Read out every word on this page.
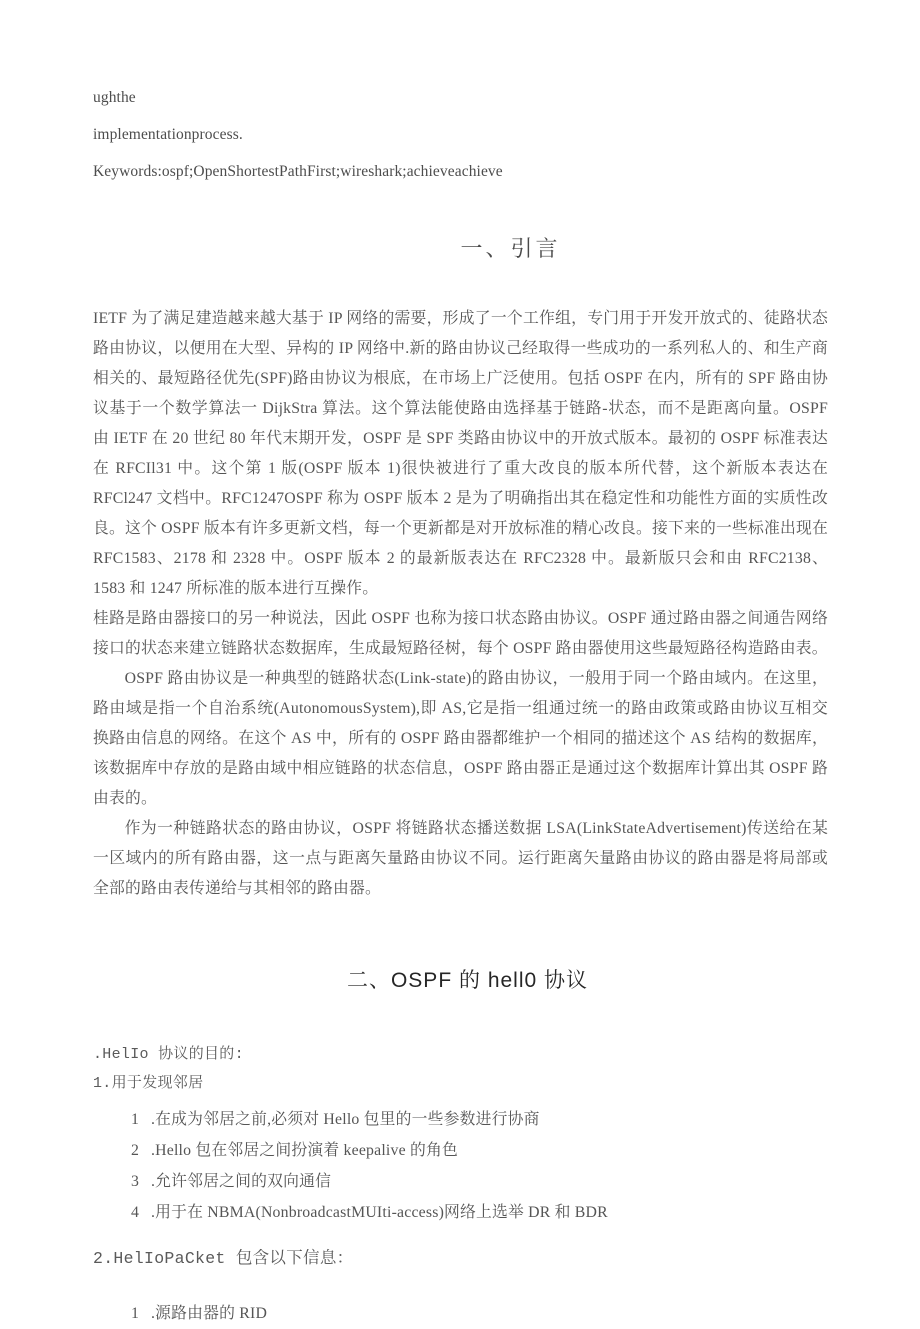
ughthe

implementationprocess.

Keywords:ospf;OpenShortestPathFirst;wireshark;achieveachieve

一、引言

IETF 为了满足建造越来越大基于 IP 网络的需要，形成了一个工作组，专门用于开发开放式的、徒路状态路由协议，以便用在大型、异构的 IP 网络中.新的路由协议己经取得一些成功的一系列私人的、和生产商相关的、最短路径优先(SPF)路由协议为根底，在市场上广泛使用。包括 OSPF 在内，所有的 SPF 路由协议基于一个数学算法一 DijkStra 算法。这个算法能使路由选择基于链路-状态，而不是距离向量。OSPF 由 IETF 在 20 世纪 80 年代末期开发，OSPF 是 SPF 类路由协议中的开放式版本。最初的 OSPF 标准表达在 RFCIl31 中。这个第 1 版(OSPF 版本 1)很快被进行了重大改良的版本所代替，这个新版本表达在 RFCl247 文档中。RFC1247OSPF 称为 OSPF 版本 2 是为了明确指出其在稳定性和功能性方面的实质性改良。这个 OSPF 版本有许多更新文档，每一个更新都是对开放标准的精心改良。接下来的一些标准出现在 RFC1583、2178 和 2328 中。OSPF 版本 2 的最新版表达在 RFC2328 中。最新版只会和由 RFC2138、1583 和 1247 所标准的版本进行互操作。

桂路是路由器接口的另一种说法，因此 OSPF 也称为接口状态路由协议。OSPF 通过路由器之间通告网络接口的状态来建立链路状态数据库，生成最短路径树，每个 OSPF 路由器使用这些最短路径构造路由表。

OSPF 路由协议是一种典型的链路状态(Link-state)的路由协议，一般用于同一个路由域内。在这里，路由域是指一个自治系统(AutonomousSystem),即 AS,它是指一组通过统一的路由政策或路由协议互相交换路由信息的网络。在这个 AS 中，所有的 OSPF 路由器都维护一个相同的描述这个 AS 结构的数据库，该数据库中存放的是路由域中相应链路的状态信息，OSPF 路由器正是通过这个数据库计算出其 OSPF 路由表的。

作为一种链路状态的路由协议，OSPF 将链路状态播送数据 LSA(LinkStateAdvertisement)传送给在某一区域内的所有路由器，这一点与距离矢量路由协议不同。运行距离矢量路由协议的路由器是将局部或全部的路由表传递给与其相邻的路由器。

二、OSPF 的 hell0 协议

.HelIo 协议的目的:

1.用于发现邻居

1 .在成为邻居之前,必须对 Hello 包里的一些参数进行协商

2 .Hello 包在邻居之间扮演着 keepalive 的角色

3 .允许邻居之间的双向通信

4 .用于在 NBMA(NonbroadcastMUIti-access)网络上选举 DR 和 BDR

2.HelIoPaCket 包含以下信息：

1 .源路由器的 RID
